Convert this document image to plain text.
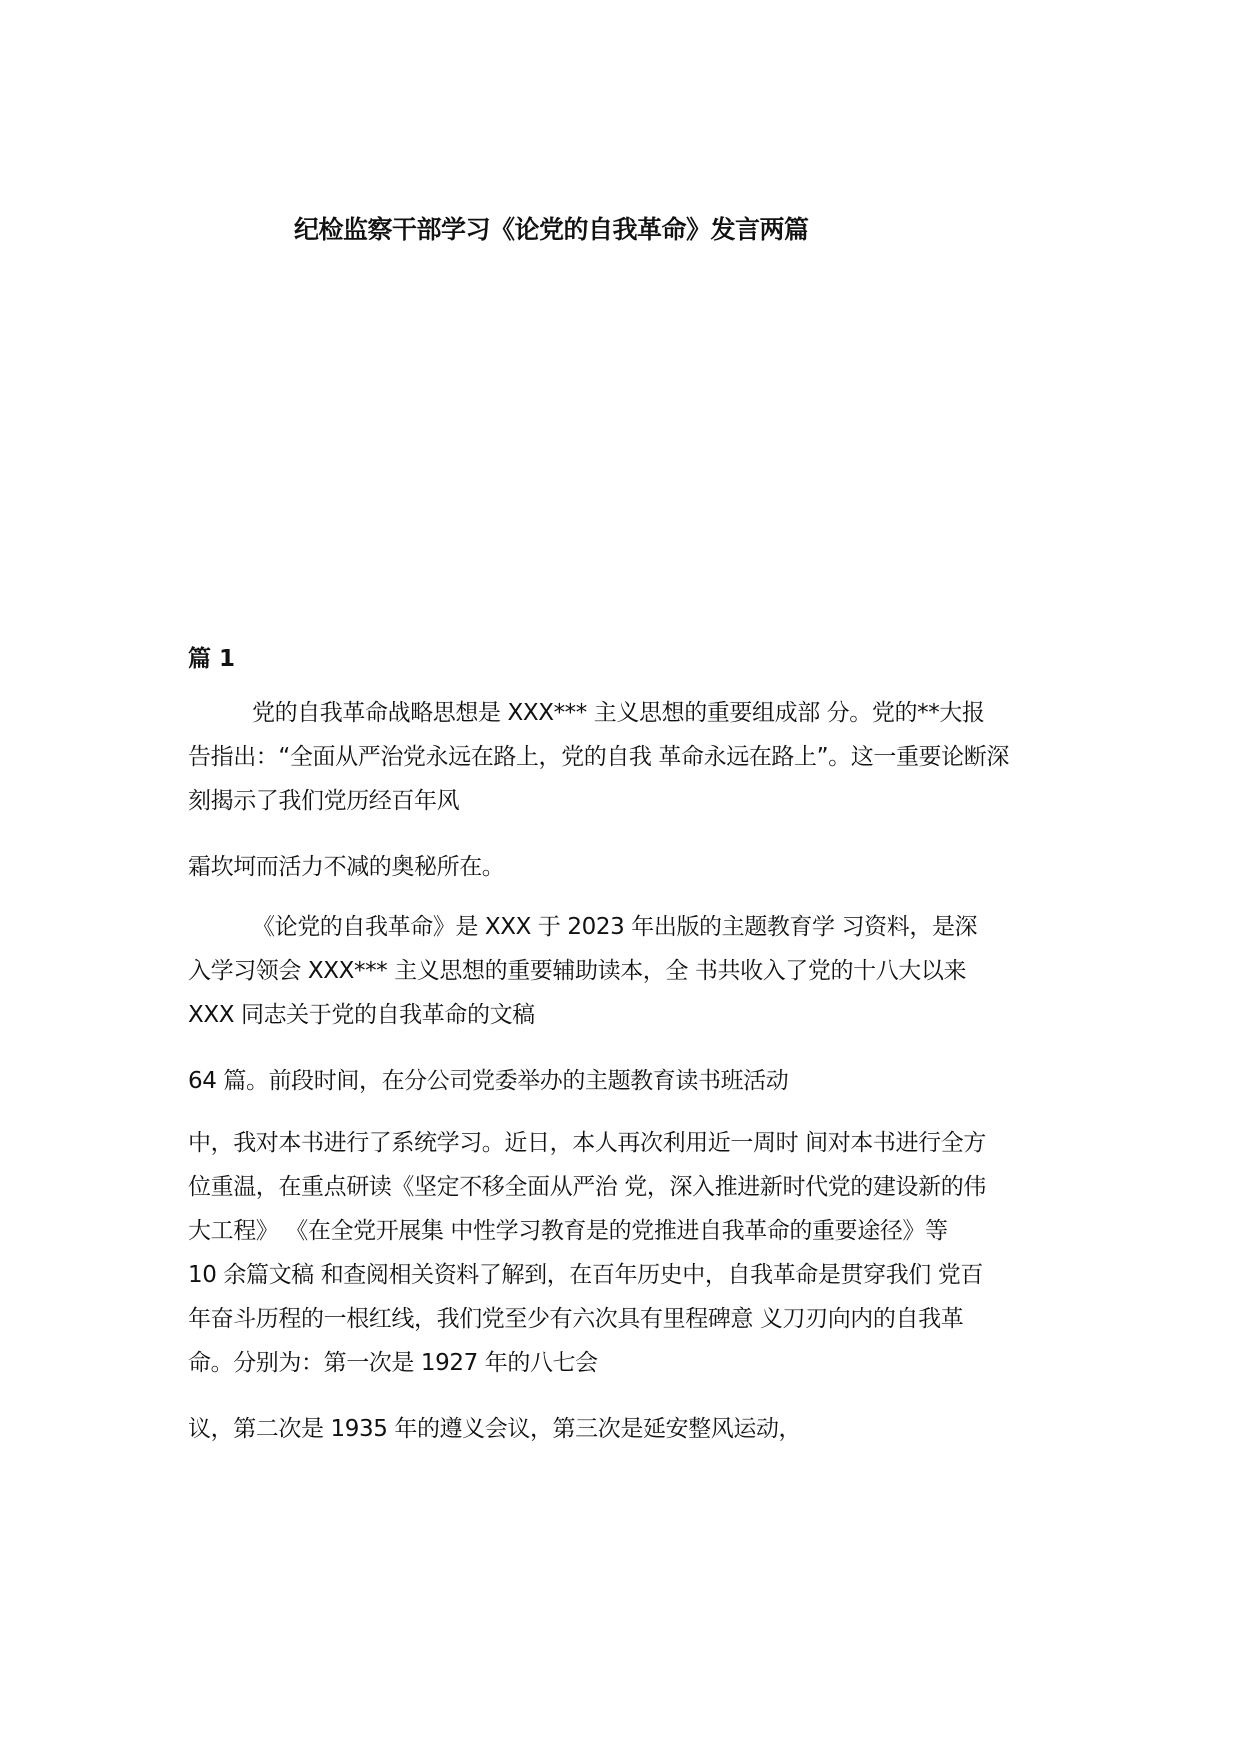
纪检监察干部学习《论党的自我革命》发言两篇
篇 1
党的自我革命战略思想是 XXX*** 主义思想的重要组成部 分。党的**大报
告指出：“全面从严治党永远在路上，党的自我 革命永远在路上”。这一重要论断深
刻揭示了我们党历经百年风
霜坎坷而活力不减的奥秘所在。
《论党的自我革命》是 XXX 于 2023 年出版的主题教育学 习资料，是深
入学习领会 XXX*** 主义思想的重要辅助读本，全 书共收入了党的十八大以来
XXX 同志关于党的自我革命的文稿
64 篇。前段时间，在分公司党委举办的主题教育读书班活动
中，我对本书进行了系统学习。近日，本人再次利用近一周时 间对本书进行全方
位重温，在重点研读《坚定不移全面从严治 党，深入推进新时代党的建设新的伟
大工程》 《在全党开展集 中性学习教育是的党推进自我革命的重要途径》等
10 余篇文稿 和查阅相关资料了解到，在百年历史中，自我革命是贯穿我们 党百
年奋斗历程的一根红线，我们党至少有六次具有里程碑意 义刀刃向内的自我革
命。分别为：第一次是 1927 年的八七会
议，第二次是 1935 年的遵义会议，第三次是延安整风运动，
